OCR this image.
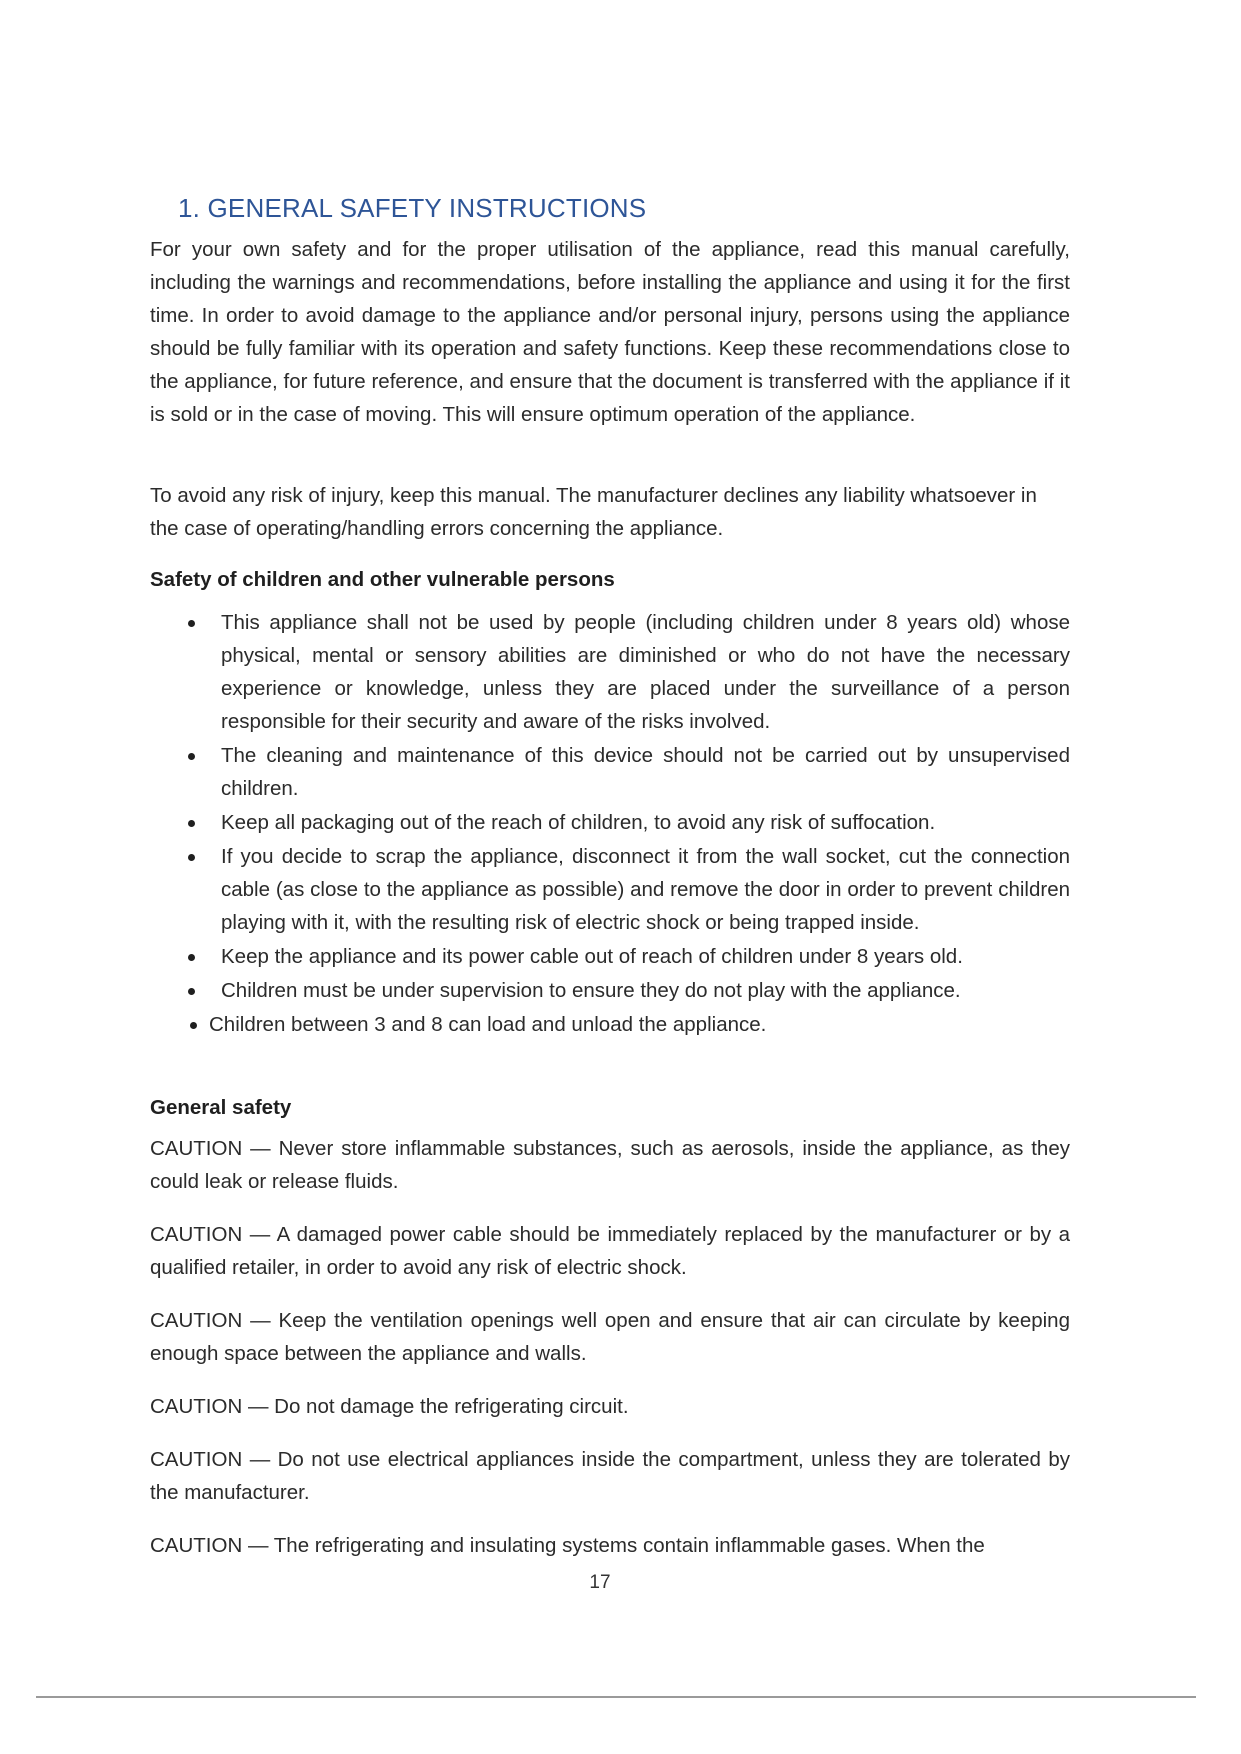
1. GENERAL SAFETY INSTRUCTIONS

For your own safety and for the proper utilisation of the appliance, read this manual carefully, including the warnings and recommendations, before installing the appliance and using it for the first time. In order to avoid damage to the appliance and/or personal injury, persons using the appliance should be fully familiar with its operation and safety functions. Keep these recommendations close to the appliance, for future reference, and ensure that the document is transferred with the appliance if it is sold or in the case of moving. This will ensure optimum operation of the appliance.

To avoid any risk of injury, keep this manual. The manufacturer declines any liability whatsoever in the case of operating/handling errors concerning the appliance.

Safety of children and other vulnerable persons

This appliance shall not be used by people (including children under 8 years old) whose physical, mental or sensory abilities are diminished or who do not have the necessary experience or knowledge, unless they are placed under the surveillance of a person responsible for their security and aware of the risks involved.
The cleaning and maintenance of this device should not be carried out by unsupervised children.
Keep all packaging out of the reach of children, to avoid any risk of suffocation.
If you decide to scrap the appliance, disconnect it from the wall socket, cut the connection cable (as close to the appliance as possible) and remove the door in order to prevent children playing with it, with the resulting risk of electric shock or being trapped inside.
Keep the appliance and its power cable out of reach of children under 8 years old.
Children must be under supervision to ensure they do not play with the appliance.
Children between 3 and 8 can load and unload the appliance.

General safety

CAUTION — Never store inflammable substances, such as aerosols, inside the appliance, as they could leak or release fluids.

CAUTION — A damaged power cable should be immediately replaced by the manufacturer or by a qualified retailer, in order to avoid any risk of electric shock.

CAUTION — Keep the ventilation openings well open and ensure that air can circulate by keeping enough space between the appliance and walls.

CAUTION — Do not damage the refrigerating circuit.

CAUTION — Do not use electrical appliances inside the compartment, unless they are tolerated by the manufacturer.

CAUTION — The refrigerating and insulating systems contain inflammable gases. When the

17
